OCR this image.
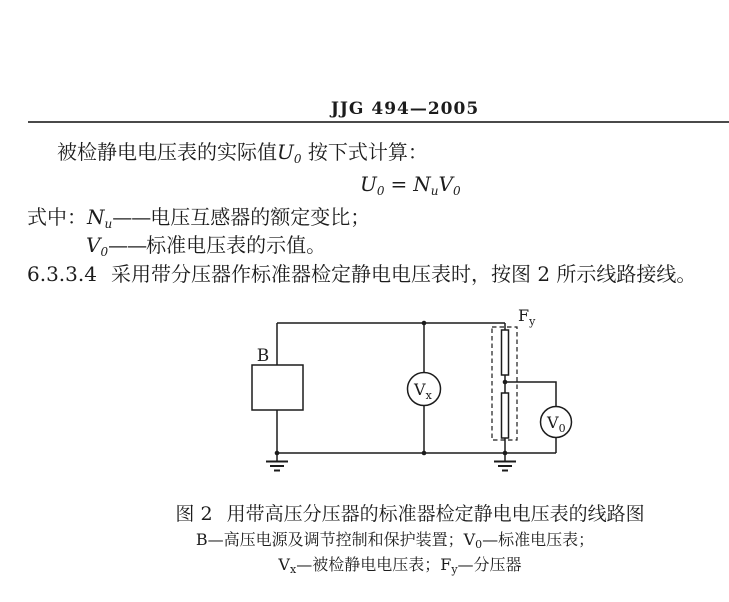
JJG 494—2005
被检静电电压表的实际值$U_0$ 按下式计算：
$U_0 = N_uV_0$
式中：$N_u——$电压互感器的额定变比；
$V_0——$标准电压表的示值。
6.3.3.4 采用带分压器作标准器检定静电电压表时，按图 2 所示线路接线。
B
$F_y$
$V_x$
$V_0$
图 2 用带高压分压器的标准器检定静电电压表的线路图
B—高压电源及调节控制和保护装置；V0—标准电压表；
Vx—被检静电电压表；Fy—分压器
